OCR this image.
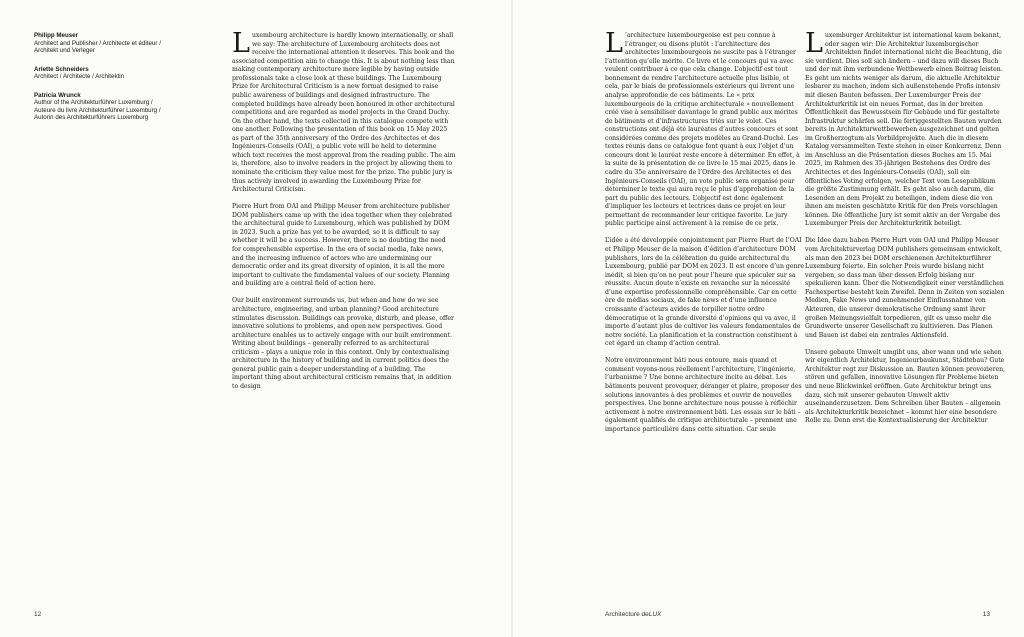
Philipp Meuser
Architect and Publisher / Architecte et éditeur / Architekt und Verleger
Arlette Schneiders
Architect / Architecte / Architektin
Patricia Wrunck
Author of the Architekturführer Luxemburg / Auteure du livre Architekturführer Luxemburg / Autorin des Architekturführers Luxemburg

Luxembourg architecture is hardly known internationally, or shall we say: The architecture of Luxembourg architects does not receive the international attention it deserves. This book and the associated competition aim to change this. It is about nothing less than making contemporary architecture more legible by having outside professionals take a close look at these buildings. The Luxembourg Prize for Architectural Criticism is a new format designed to raise public awareness of buildings and designed infrastructure. The completed buildings have already been honoured in other architectural competitions and are regarded as model projects in the Grand Duchy. On the other hand, the texts collected in this catalogue compete with one another. Following the presentation of this book on 15 May 2025 as part of the 35th anniversary of the Ordre des Architectes et des Ingénieurs-Conseils (OAI), a public vote will be held to determine which text receives the most approval from the reading public. The aim is, therefore, also to involve readers in the project by allowing them to nominate the criticism they value most for the prize. The public jury is thus actively involved in awarding the Luxembourg Prize for Architectural Criticism.

Pierre Hurt from OAI and Philipp Meuser from architecture publisher DOM publishers came up with the idea together when they celebrated the architectural guide to Luxembourg, which was published by DOM in 2023. Such a prize has yet to be awarded, so it is difficult to say whether it will be a success. However, there is no doubting the need for comprehensible expertise. In the era of social media, fake news, and the increasing influence of actors who are undermining our democratic order and its great diversity of opinion, it is all the more important to cultivate the fundamental values of our society. Planning and building are a central field of action here.

Our built environment surrounds us, but when and how do we see architecture, engineering, and urban planning? Good architecture stimulates discussion. Buildings can provoke, disturb, and please, offer innovative solutions to problems, and open new perspectives. Good architecture enables us to actively engage with our built environment. Writing about buildings – generally referred to as architectural criticism – plays a unique role in this context. Only by contextualising architecture in the history of building and in current politics does the general public gain a deeper understanding of a building. The important thing about architectural criticism remains that, in addition to design

L ’architecture luxembourgeoise est peu connue à l’étranger, ou disons plutôt : l’architecture des architectes luxembourgeois ne suscite pas à l’étranger l’attention qu’elle mérite. Ce livre et le concours qui va avec veulent contribuer à ce que cela change. L’objectif est tout bonnement de rendre l’architecture actuelle plus lisible, et cela, par le biais de professionnels extérieurs qui livrent une analyse approfondie de ces bâtiments. Le « prix luxembourgeois de la critique architecturale » nouvellement créé vise à sensibiliser davantage le grand public aux mérites de bâtiments et d’infrastructures triés sur le volet. Ces constructions ont déjà été lauréates d’autres concours et sont considérées comme des projets modèles au Grand-Duché. Les textes réunis dans ce catalogue font quant à eux l’objet d’un concours dont le lauréat reste encore à déterminer. En effet, à la suite de la présentation de ce livre le 15 mai 2025, dans le cadre du 35e anniversaire de l’Ordre des Architectes et des Ingénieurs-Conseils (OAI), un vote public sera organisé pour déterminer le texte qui aura reçu le plus d’approbation de la part du public des lecteurs. L’objectif est donc également d’impliquer les lecteurs et lectrices dans ce projet en leur permettant de recommander leur critique favorite. Le jury public participe ainsi activement à la remise de ce prix.

L’idée a été développée conjointement par Pierre Hurt de l’OAI et Philipp Meuser de la maison d’édition d’architecture DOM publishers, lors de la célébration du guide architectural du Luxembourg, publié par DOM en 2023. Il est encore d’un genre inédit, si bien qu’on ne peut pour l’heure que spéculer sur sa réussite. Aucun doute n’existe en revanche sur la nécessité d’une expertise professionnelle compréhensible. Car en cette ère de médias sociaux, de fake news et d’une influence croissante d’acteurs avides de torpiller notre ordre démocratique et la grande diversité d’opinions qui va avec, il importe d’autant plus de cultiver les valeurs fondamentales de notre société. La planification et la construction constituent à cet égard un champ d’action central.

Notre environnement bâti nous entoure, mais quand et comment voyons-nous réellement l’architecture, l’ingénierie, l’urbanisme ? Une bonne architecture incite au débat. Les bâtiments peuvent provoquer, déranger et plaire, proposer des solutions innovantes à des problèmes et ouvrir de nouvelles perspectives. Une bonne architecture nous pousse à réfléchir activement à notre environnement bâti. Les essais sur le bâti – également qualifiés de critique architecturale – prennent une importance particulière dans cette situation. Car seule

Luxemburger Architektur ist international kaum bekannt, oder sagen wir: Die Architektur luxemburgischer Architekten findet international nicht die Beachtung, die sie verdient. Dies soll sich ändern – und dazu will dieses Buch und der mit ihm verbundene Wettbewerb einen Beitrag leisten. Es geht um nichts weniger als darum, die aktuelle Architektur lesbarer zu machen, indem sich außenstehende Profis intensiv mit diesen Bauten befassen. Der Luxemburger Preis der Architekturkritik ist ein neues Format, das in der breiten Öffentlichkeit das Bewusstsein für Gebäude und für gestaltete Infrastruktur schärfen soll. Die fertiggestellten Bauten wurden bereits in Architekturwettbewerben ausgezeichnet und gelten im Großherzogtum als Vorbildprojekte. Auch die in diesem Katalog versammelten Texte stehen in einer Konkurrenz. Denn im Anschluss an die Präsentation dieses Buches am 15. Mai 2025, im Rahmen des 35-jährigen Bestehens des Ordre des Architectes et des Ingénieurs-Conseils (OAI), soll ein öffentliches Voting erfolgen, welcher Text vom Lesepublikum die größte Zustimmung erhält. Es geht also auch darum, die Lesenden an dem Projekt zu beteiligen, indem diese die von ihnen am meisten geschätzte Kritik für den Preis vorschlagen können. Die öffentliche Jury ist somit aktiv an der Vergabe des Luxemburger Preis der Architekturkritik beteiligt.

Die Idee dazu haben Pierre Hurt vom OAI und Philipp Meuser vom Architekturverlag DOM publishers gemeinsam entwickelt, als man den 2023 bei DOM erschienenen Architekturführer Luxemburg feierte. Ein solcher Preis wurde bislang nicht vergeben, so dass man über dessen Erfolg bislang nur spekulieren kann. Über die Notwendigkeit einer verständlichen Fachexpertise besteht kein Zweifel. Denn in Zeiten von sozialen Medien, Fake News und zunehmender Einflussnahme von Akteuren, die unserer demokratische Ordnung samt ihrer großen Meinungsvielfalt torpedieren, gilt es umso mehr die Grundwerte unserer Gesellschaft zu kultivieren. Das Planen und Bauen ist dabei ein zentrales Aktionsfeld.

Unsere gebaute Umwelt umgibt uns, aber wann und wie sehen wir eigentlich Architektur, Ingenieurbaukunst, Städtebau? Gute Architektur regt zur Diskussion an. Bauten können provozieren, stören und gefallen, innovative Lösungen für Probleme bieten und neue Blickwinkel eröffnen. Gute Architektur bringt uns dazu, sich mit unserer gebauten Umwelt aktiv auseinanderzusetzen. Dem Schreiben über Bauten – allgemein als Architekturkritik bezeichnet – kommt hier eine besondere Rolle zu. Denn erst die Kontextualisierung der Architektur

12	Architecture deLUX	13
